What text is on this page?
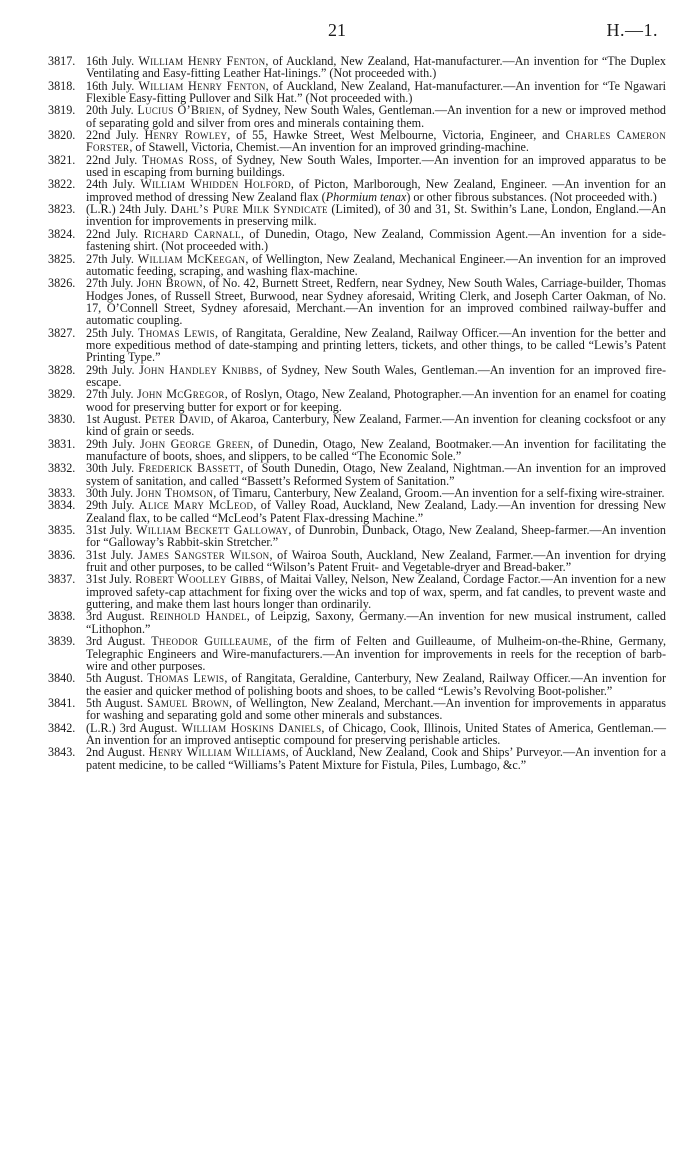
21	H.—1.
3817. 16th July. William Henry Fenton, of Auckland, New Zealand, Hat-manufacturer.—An invention for “The Duplex Ventilating and Easy-fitting Leather Hat-linings.” (Not proceeded with.)
3818. 16th July. William Henry Fenton, of Auckland, New Zealand, Hat-manufacturer.—An invention for “Te Ngawari Flexible Easy-fitting Pullover and Silk Hat.” (Not proceeded with.)
3819. 20th July. Lucius O’Brien, of Sydney, New South Wales, Gentleman.—An invention for a new or improved method of separating gold and silver from ores and minerals containing them.
3820. 22nd July. Henry Rowley, of 55, Hawke Street, West Melbourne, Victoria, Engineer, and Charles Cameron Forster, of Stawell, Victoria, Chemist.—An invention for an improved grinding-machine.
3821. 22nd July. Thomas Ross, of Sydney, New South Wales, Importer.—An invention for an improved apparatus to be used in escaping from burning buildings.
3822. 24th July. William Whidden Holford, of Picton, Marlborough, New Zealand, Engineer. —An invention for an improved method of dressing New Zealand flax (Phormium tenax) or other fibrous substances. (Not proceeded with.)
3823. (L.R.) 24th July. Dahl’s Pure Milk Syndicate (Limited), of 30 and 31, St. Swithin’s Lane, London, England.—An invention for improvements in preserving milk.
3824. 22nd July. Richard Carnall, of Dunedin, Otago, New Zealand, Commission Agent.—An invention for a side-fastening shirt. (Not proceeded with.)
3825. 27th July. William McKeegan, of Wellington, New Zealand, Mechanical Engineer.—An invention for an improved automatic feeding, scraping, and washing flax-machine.
3826. 27th July. John Brown, of No. 42, Burnett Street, Redfern, near Sydney, New South Wales, Carriage-builder, Thomas Hodges Jones, of Russell Street, Burwood, near Sydney aforesaid, Writing Clerk, and Joseph Carter Oakman, of No. 17, O’Connell Street, Sydney aforesaid, Merchant.—An invention for an improved combined railway-buffer and automatic coupling.
3827. 25th July. Thomas Lewis, of Rangitata, Geraldine, New Zealand, Railway Officer.—An invention for the better and more expeditious method of date-stamping and printing letters, tickets, and other things, to be called “Lewis’s Patent Printing Type.”
3828. 29th July. John Handley Knibbs, of Sydney, New South Wales, Gentleman.—An invention for an improved fire-escape.
3829. 27th July. John McGregor, of Roslyn, Otago, New Zealand, Photographer.—An invention for an enamel for coating wood for preserving butter for export or for keeping.
3830. 1st August. Peter David, of Akaroa, Canterbury, New Zealand, Farmer.—An invention for cleaning cocksfoot or any kind of grain or seeds.
3831. 29th July. John George Green, of Dunedin, Otago, New Zealand, Bootmaker.—An invention for facilitating the manufacture of boots, shoes, and slippers, to be called “The Economic Sole.”
3832. 30th July. Frederick Bassett, of South Dunedin, Otago, New Zealand, Nightman.—An invention for an improved system of sanitation, and called “Bassett’s Reformed System of Sanitation.”
3833. 30th July. John Thomson, of Timaru, Canterbury, New Zealand, Groom.—An invention for a self-fixing wire-strainer.
3834. 29th July. Alice Mary McLeod, of Valley Road, Auckland, New Zealand, Lady.—An invention for dressing New Zealand flax, to be called “McLeod’s Patent Flax-dressing Machine.”
3835. 31st July. William Beckett Galloway, of Dunrobin, Dunback, Otago, New Zealand, Sheep-farmer.—An invention for “Galloway’s Rabbit-skin Stretcher.”
3836. 31st July. James Sangster Wilson, of Wairoa South, Auckland, New Zealand, Farmer.—An invention for drying fruit and other purposes, to be called “Wilson’s Patent Fruit- and Vegetable-dryer and Bread-baker.”
3837. 31st July. Robert Woolley Gibbs, of Maitai Valley, Nelson, New Zealand, Cordage Factor.—An invention for a new improved safety-cap attachment for fixing over the wicks and top of wax, sperm, and fat candles, to prevent waste and guttering, and make them last hours longer than ordinarily.
3838. 3rd August. Reinhold Handel, of Leipzig, Saxony, Germany.—An invention for new musical instrument, called “Lithophon.”
3839. 3rd August. Theodor Guilleaume, of the firm of Felten and Guilleaume, of Mulheim-on-the-Rhine, Germany, Telegraphic Engineers and Wire-manufacturers.—An invention for improvements in reels for the reception of barb-wire and other purposes.
3840. 5th August. Thomas Lewis, of Rangitata, Geraldine, Canterbury, New Zealand, Railway Officer.—An invention for the easier and quicker method of polishing boots and shoes, to be called “Lewis’s Revolving Boot-polisher.”
3841. 5th August. Samuel Brown, of Wellington, New Zealand, Merchant.—An invention for improvements in apparatus for washing and separating gold and some other minerals and substances.
3842. (L.R.) 3rd August. William Hoskins Daniels, of Chicago, Cook, Illinois, United States of America, Gentleman.—An invention for an improved antiseptic compound for preserving perishable articles.
3843. 2nd August. Henry William Williams, of Auckland, New Zealand, Cook and Ships’ Purveyor.—An invention for a patent medicine, to be called “Williams’s Patent Mixture for Fistula, Piles, Lumbago, &c.”
